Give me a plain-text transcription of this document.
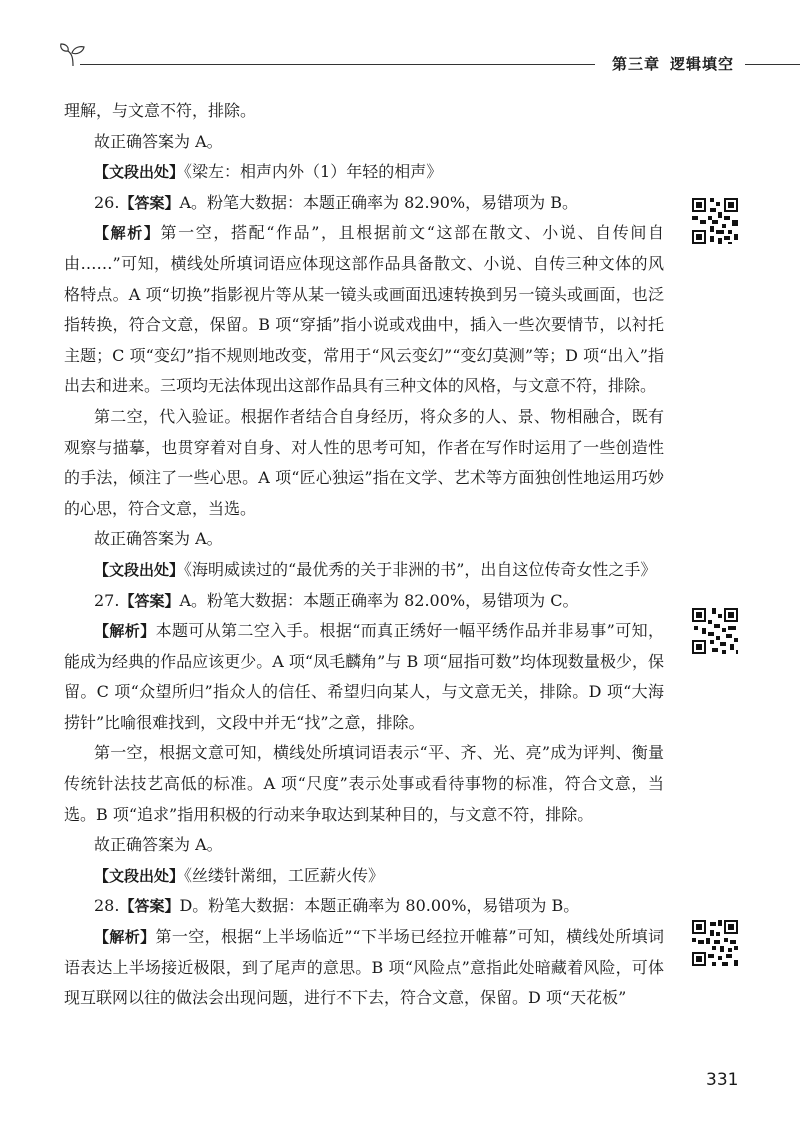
第三章 逻辑填空

理解，与文意不符，排除。

故正确答案为 A。

【文段出处】《梁左：相声内外（1）年轻的相声》

26.【答案】A。粉笔大数据：本题正确率为 82.90%，易错项为 B。

【解析】第一空，搭配“作品”，且根据前文“这部在散文、小说、自传间自由……”可知，横线处所填词语应体现这部作品具备散文、小说、自传三种文体的风格特点。A 项“切换”指影视片等从某一镜头或画面迅速转换到另一镜头或画面，也泛指转换，符合文意，保留。B 项“穿插”指小说或戏曲中，插入一些次要情节，以衬托主题；C 项“变幻”指不规则地改变，常用于“风云变幻”“变幻莫测”等；D 项“出入”指出去和进来。三项均无法体现出这部作品具有三种文体的风格，与文意不符，排除。

第二空，代入验证。根据作者结合自身经历，将众多的人、景、物相融合，既有观察与描摹，也贯穿着对自身、对人性的思考可知，作者在写作时运用了一些创造性的手法，倾注了一些心思。A 项“匠心独运”指在文学、艺术等方面独创性地运用巧妙的心思，符合文意，当选。

故正确答案为 A。

【文段出处】《海明威读过的“最优秀的关于非洲的书”，出自这位传奇女性之手》

27.【答案】A。粉笔大数据：本题正确率为 82.00%，易错项为 C。

【解析】本题可从第二空入手。根据“而真正绣好一幅平绣作品并非易事”可知，能成为经典的作品应该更少。A 项“凤毛麟角”与 B 项“屈指可数”均体现数量极少，保留。C 项“众望所归”指众人的信任、希望归向某人，与文意无关，排除。D 项“大海捞针”比喻很难找到，文段中并无“找”之意，排除。

第一空，根据文意可知，横线处所填词语表示“平、齐、光、亮”成为评判、衡量传统针法技艺高低的标准。A 项“尺度”表示处事或看待事物的标准，符合文意，当选。B 项“追求”指用积极的行动来争取达到某种目的，与文意不符，排除。

故正确答案为 A。

【文段出处】《丝缕针黹细，工匠薪火传》

28.【答案】D。粉笔大数据：本题正确率为 80.00%，易错项为 B。

【解析】第一空，根据“上半场临近”“下半场已经拉开帷幕”可知，横线处所填词语表达上半场接近极限，到了尾声的意思。B 项“风险点”意指此处暗藏着风险，可体现互联网以往的做法会出现问题，进行不下去，符合文意，保留。D 项“天花板”

331
